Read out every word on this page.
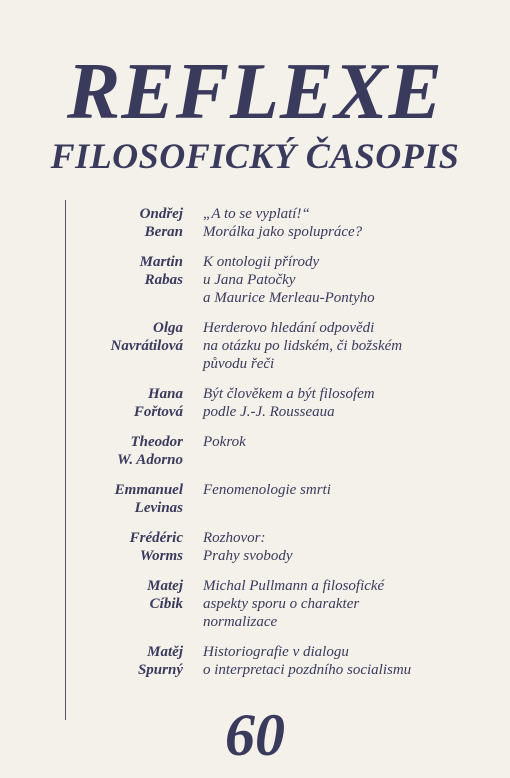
REFLEXE
FILOSOFICKÝ ČASOPIS
Ondřej
Beran
„A to se vyplatí!“
Morálka jako spolupráce?
Martin
Rabas
K ontologii přírody
u Jana Patočky
a Maurice Merleau-Pontyho
Olga
Navrátilová
Herderovo hledání odpovědi
na otázku po lidském, či božském
původu řeči
Hana
Fořtová
Být člověkem a být filosofem
podle J.-J. Rousseaua
Theodor
W. Adorno
Pokrok
Emmanuel
Levinas
Fenomenologie smrti
Frédéric
Worms
Rozhovor:
Prahy svobody
Matej
Cíbik
Michal Pullmann a filosofické
aspekty sporu o charakter
normalizace
Matěj
Spurný
Historiografie v dialogu
o interpretaci pozdního socialismu
60
